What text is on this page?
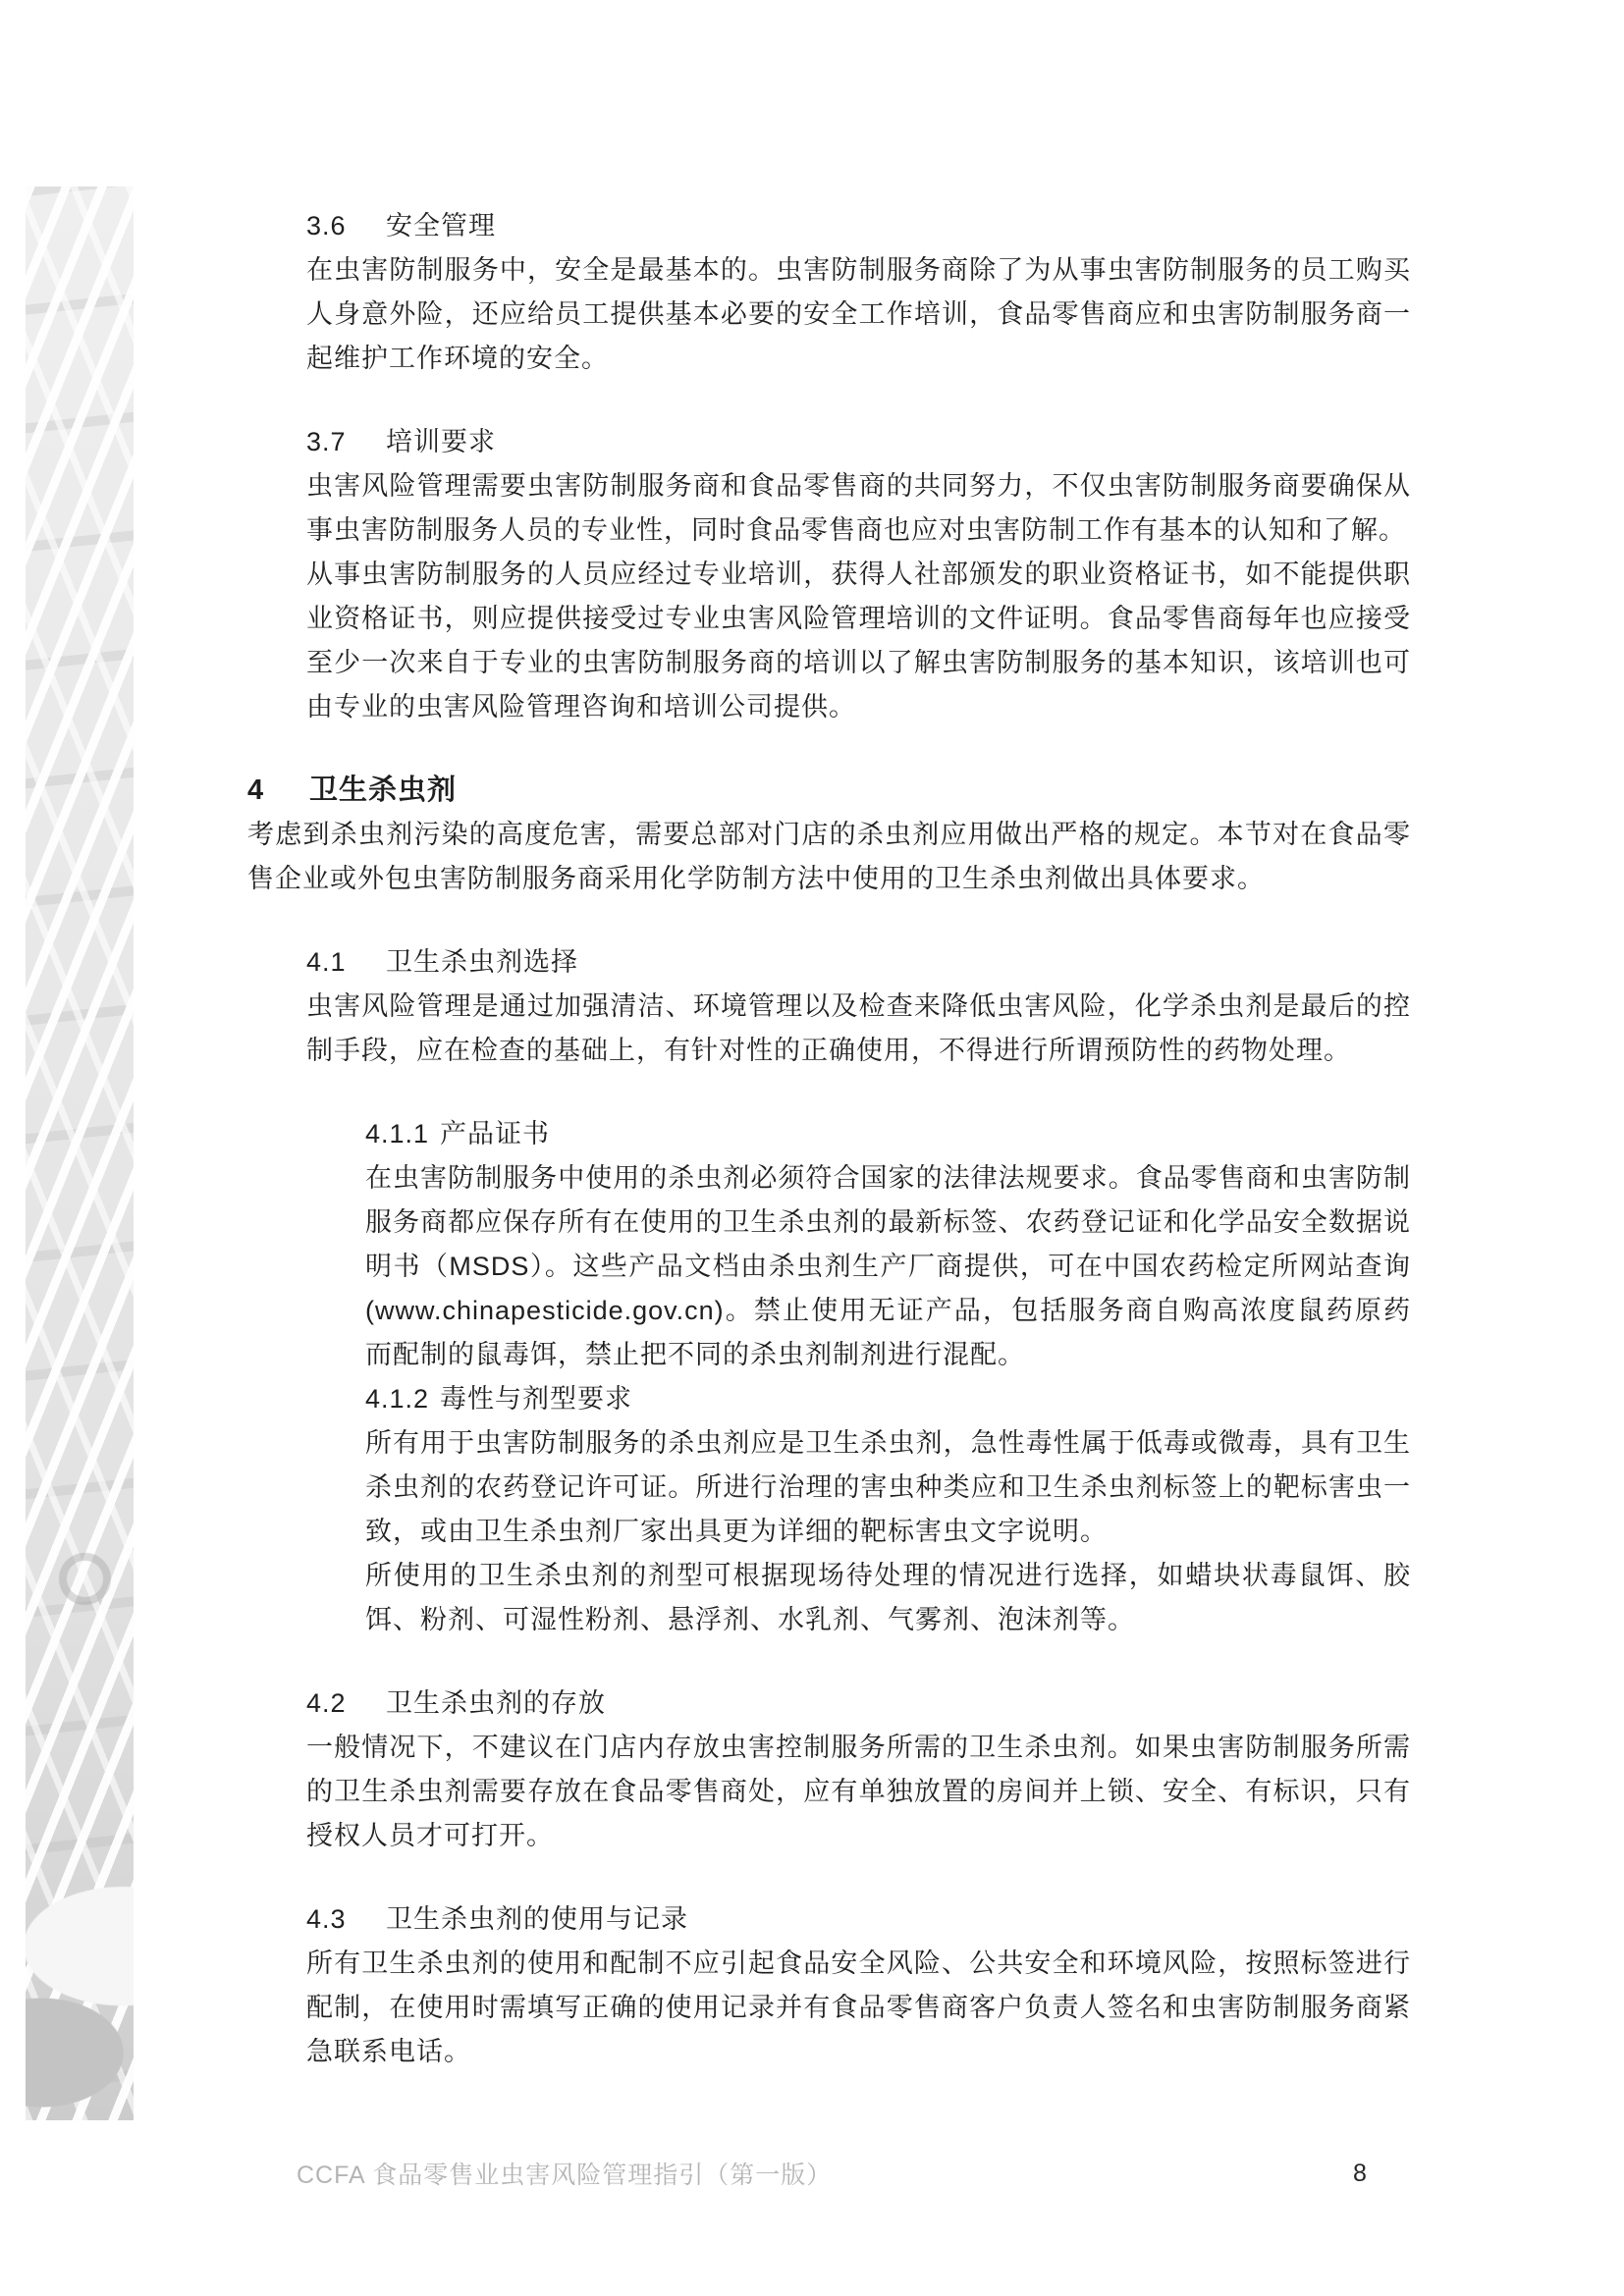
3.6	安全管理

在虫害防制服务中，安全是最基本的。虫害防制服务商除了为从事虫害防制服务的员工购买人身意外险，还应给员工提供基本必要的安全工作培训，食品零售商应和虫害防制服务商一起维护工作环境的安全。

3.7	培训要求

虫害风险管理需要虫害防制服务商和食品零售商的共同努力，不仅虫害防制服务商要确保从事虫害防制服务人员的专业性，同时食品零售商也应对虫害防制工作有基本的认知和了解。

从事虫害防制服务的人员应经过专业培训，获得人社部颁发的职业资格证书，如不能提供职业资格证书，则应提供接受过专业虫害风险管理培训的文件证明。食品零售商每年也应接受至少一次来自于专业的虫害防制服务商的培训以了解虫害防制服务的基本知识，该培训也可由专业的虫害风险管理咨询和培训公司提供。

4	卫生杀虫剂

考虑到杀虫剂污染的高度危害，需要总部对门店的杀虫剂应用做出严格的规定。本节对在食品零售企业或外包虫害防制服务商采用化学防制方法中使用的卫生杀虫剂做出具体要求。

4.1	卫生杀虫剂选择

虫害风险管理是通过加强清洁、环境管理以及检查来降低虫害风险，化学杀虫剂是最后的控制手段，应在检查的基础上，有针对性的正确使用，不得进行所谓预防性的药物处理。

4.1.1 产品证书

在虫害防制服务中使用的杀虫剂必须符合国家的法律法规要求。食品零售商和虫害防制服务商都应保存所有在使用的卫生杀虫剂的最新标签、农药登记证和化学品安全数据说明书（MSDS）。这些产品文档由杀虫剂生产厂商提供，可在中国农药检定所网站查询(www.chinapesticide.gov.cn)。禁止使用无证产品，包括服务商自购高浓度鼠药原药而配制的鼠毒饵，禁止把不同的杀虫剂制剂进行混配。

4.1.2 毒性与剂型要求

所有用于虫害防制服务的杀虫剂应是卫生杀虫剂，急性毒性属于低毒或微毒，具有卫生杀虫剂的农药登记许可证。所进行治理的害虫种类应和卫生杀虫剂标签上的靶标害虫一致，或由卫生杀虫剂厂家出具更为详细的靶标害虫文字说明。

所使用的卫生杀虫剂的剂型可根据现场待处理的情况进行选择，如蜡块状毒鼠饵、胶饵、粉剂、可湿性粉剂、悬浮剂、水乳剂、气雾剂、泡沫剂等。

4.2	卫生杀虫剂的存放

一般情况下，不建议在门店内存放虫害控制服务所需的卫生杀虫剂。如果虫害防制服务所需的卫生杀虫剂需要存放在食品零售商处，应有单独放置的房间并上锁、安全、有标识，只有授权人员才可打开。

4.3	卫生杀虫剂的使用与记录

所有卫生杀虫剂的使用和配制不应引起食品安全风险、公共安全和环境风险，按照标签进行配制，在使用时需填写正确的使用记录并有食品零售商客户负责人签名和虫害防制服务商紧急联系电话。

CCFA 食品零售业虫害风险管理指引（第一版）	8
